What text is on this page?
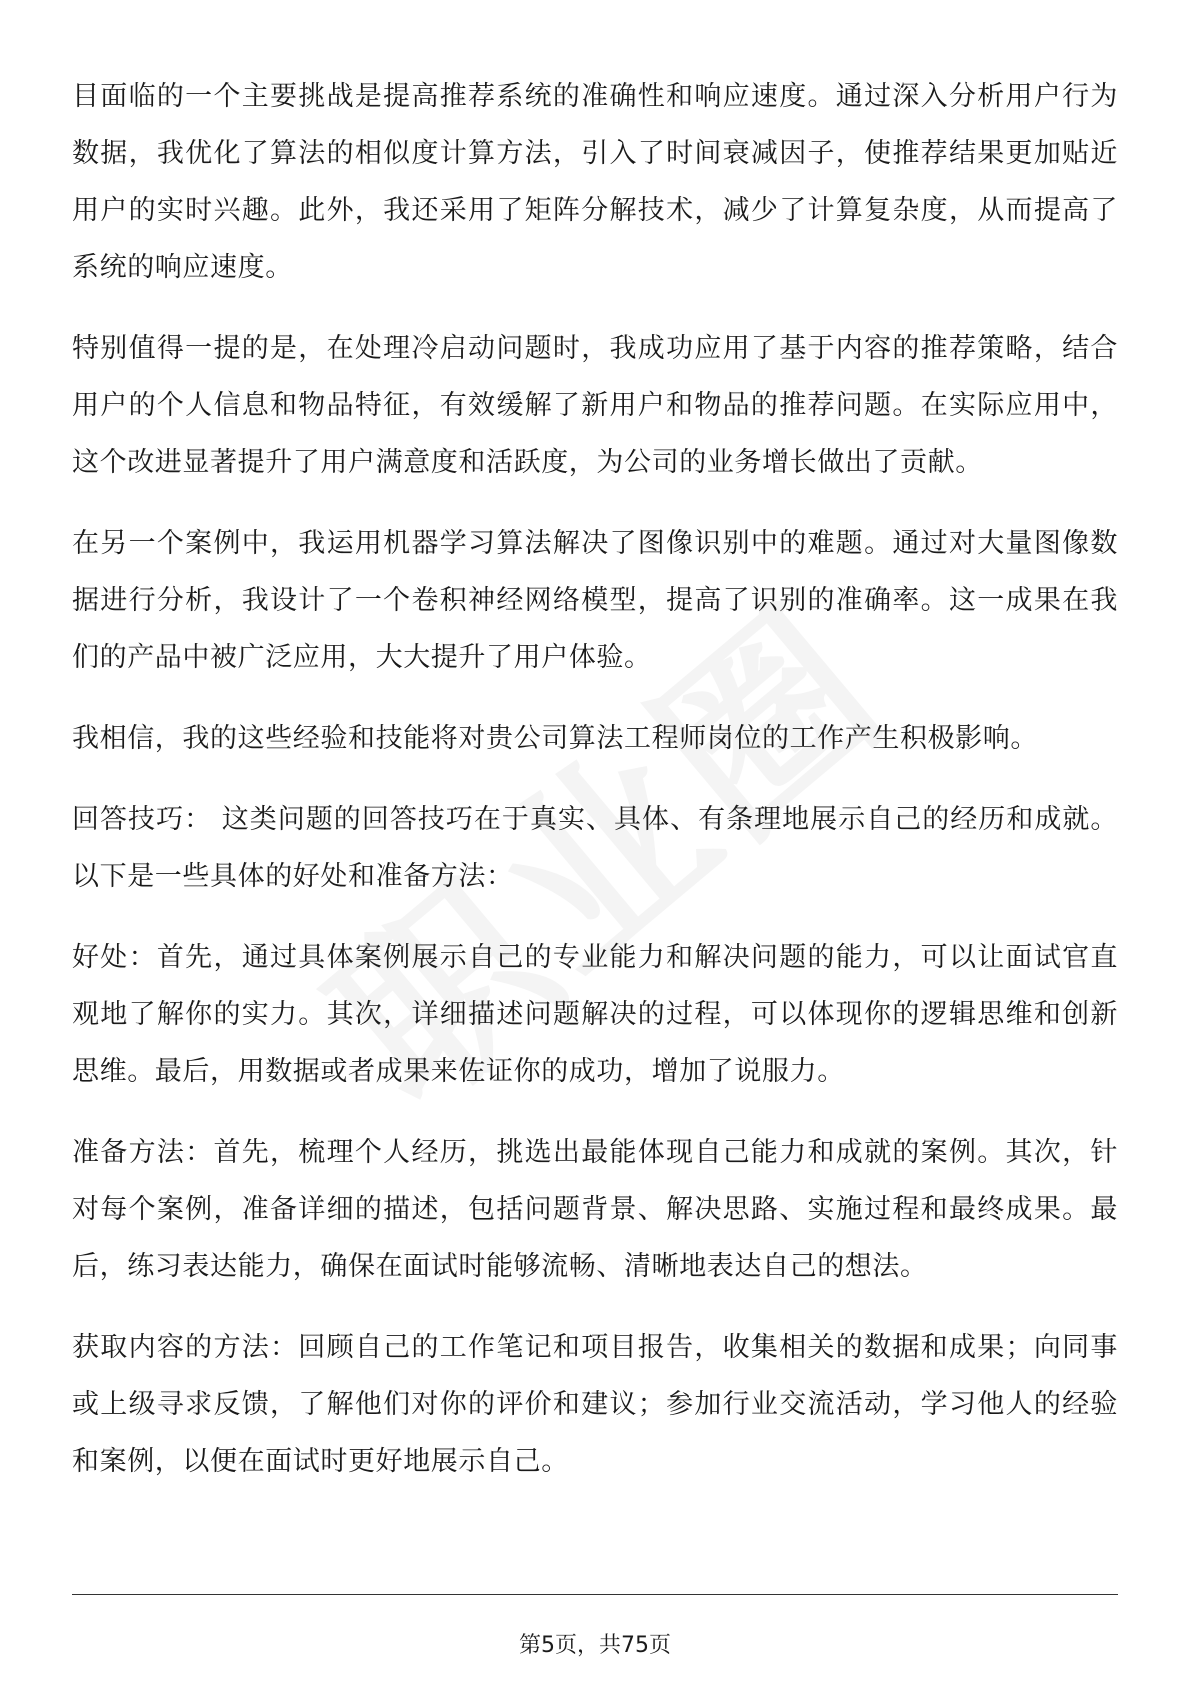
目面临的一个主要挑战是提高推荐系统的准确性和响应速度。通过深入分析用户行为数据，我优化了算法的相似度计算方法，引入了时间衰减因子，使推荐结果更加贴近用户的实时兴趣。此外，我还采用了矩阵分解技术，减少了计算复杂度，从而提高了系统的响应速度。

特别值得一提的是，在处理冷启动问题时，我成功应用了基于内容的推荐策略，结合用户的个人信息和物品特征，有效缓解了新用户和物品的推荐问题。在实际应用中，这个改进显著提升了用户满意度和活跃度，为公司的业务增长做出了贡献。

在另一个案例中，我运用机器学习算法解决了图像识别中的难题。通过对大量图像数据进行分析，我设计了一个卷积神经网络模型，提高了识别的准确率。这一成果在我们的产品中被广泛应用，大大提升了用户体验。

我相信，我的这些经验和技能将对贵公司算法工程师岗位的工作产生积极影响。

回答技巧： 这类问题的回答技巧在于真实、具体、有条理地展示自己的经历和成就。以下是一些具体的好处和准备方法：

好处：首先，通过具体案例展示自己的专业能力和解决问题的能力，可以让面试官直观地了解你的实力。其次，详细描述问题解决的过程，可以体现你的逻辑思维和创新思维。最后，用数据或者成果来佐证你的成功，增加了说服力。

准备方法：首先，梳理个人经历，挑选出最能体现自己能力和成就的案例。其次，针对每个案例，准备详细的描述，包括问题背景、解决思路、实施过程和最终成果。最后，练习表达能力，确保在面试时能够流畅、清晰地表达自己的想法。

获取内容的方法：回顾自己的工作笔记和项目报告，收集相关的数据和成果；向同事或上级寻求反馈，了解他们对你的评价和建议；参加行业交流活动，学习他人的经验和案例，以便在面试时更好地展示自己。

第5页，共75页
